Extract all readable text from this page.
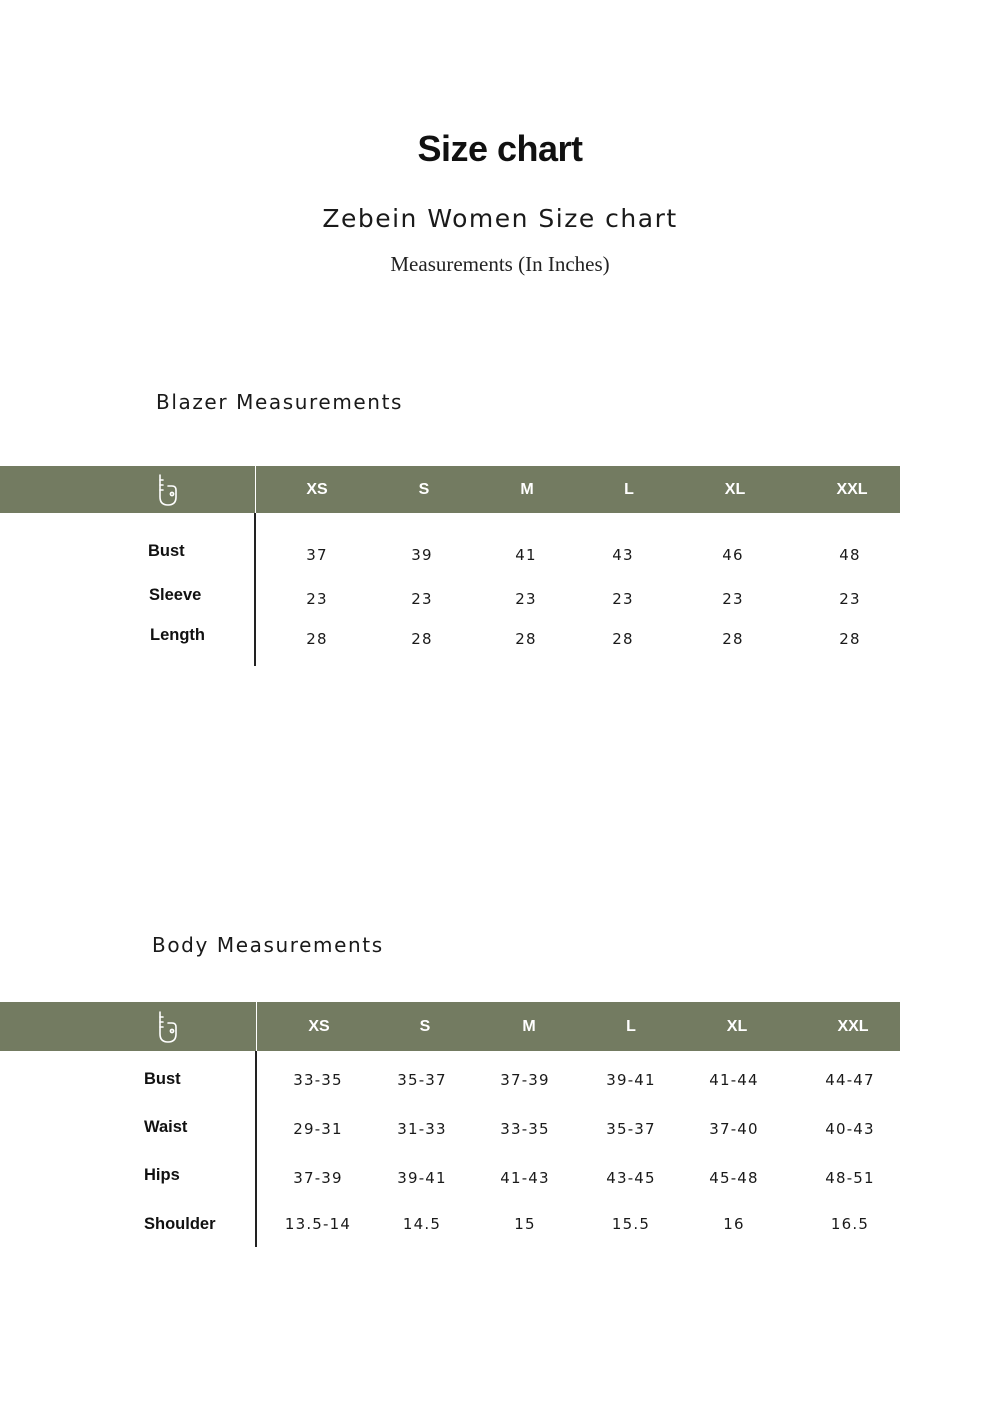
Size chart
Zebein Women Size chart
Measurements (In Inches)
Blazer Measurements
XS	S	M	L	XL	XXL
Bust	37	39	41	43	46	48
Sleeve	23	23	23	23	23	23
Length	28	28	28	28	28	28
Body Measurements
XS	S	M	L	XL	XXL
Bust	33-35	35-37	37-39	39-41	41-44	44-47
Waist	29-31	31-33	33-35	35-37	37-40	40-43
Hips	37-39	39-41	41-43	43-45	45-48	48-51
Shoulder	13.5-14	14.5	15	15.5	16	16.5
